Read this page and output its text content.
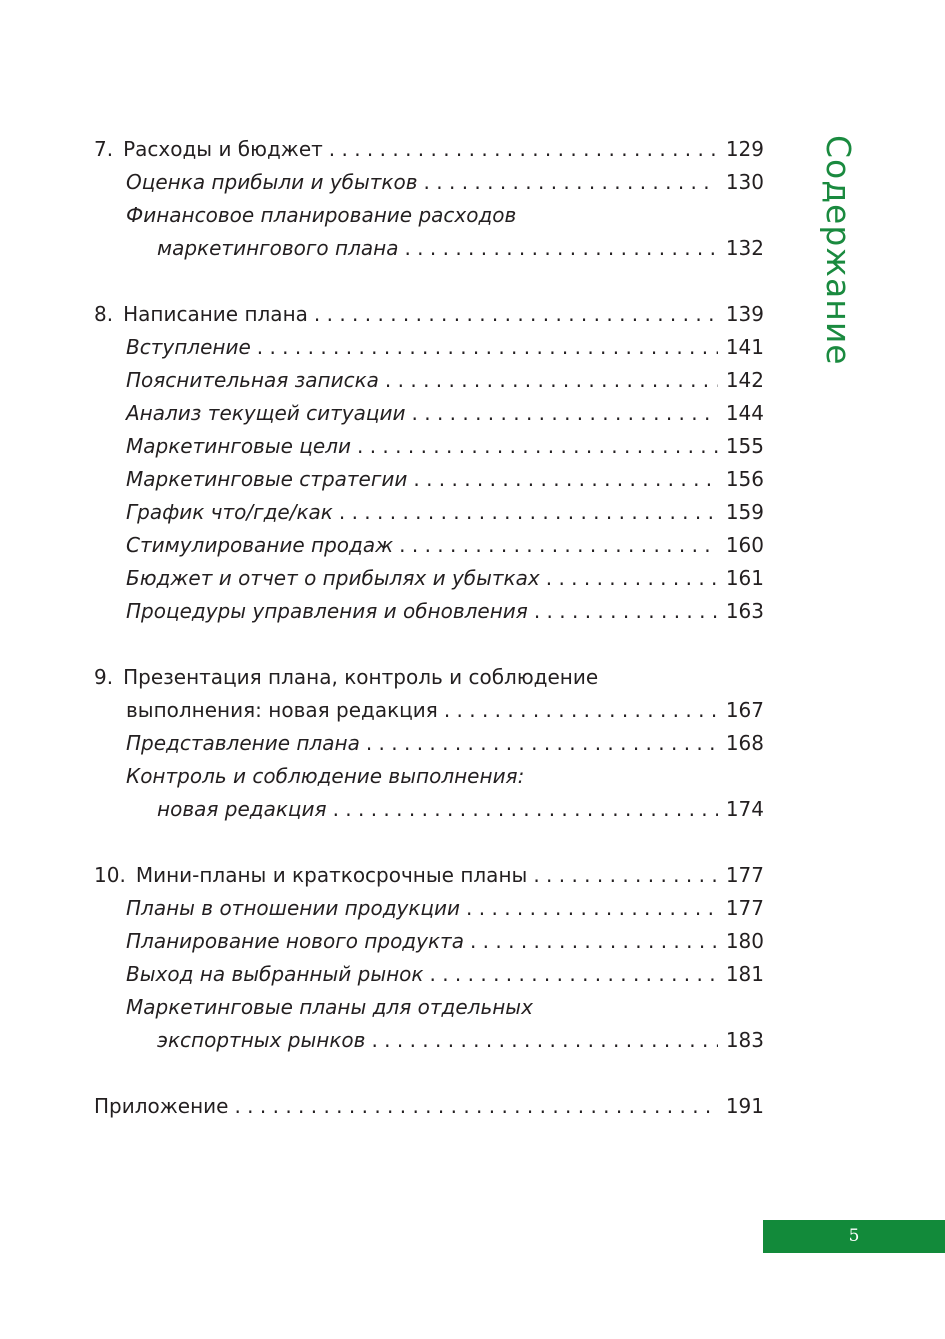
7. Расходы и бюджет . . .	129
Оценка прибыли и убытков . . .	130
Финансовое планирование расходов
маркетингового плана . . .	132
8. Написание плана . . .	139
Вступление . . .	141
Пояснительная записка . . .	142
Анализ текущей ситуации . . .	144
Маркетинговые цели . . .	155
Маркетинговые стратегии . . .	156
График что/где/как . . .	159
Стимулирование продаж . . .	160
Бюджет и отчет о прибылях и убытках . . .	161
Процедуры управления и обновления . . .	163
9. Презентация плана, контроль и соблюдение
выполнения: новая редакция . . .	167
Представление плана . . .	168
Контроль и соблюдение выполнения:
новая редакция . . .	174
10. Мини-планы и краткосрочные планы . . .	177
Планы в отношении продукции . . .	177
Планирование нового продукта . . .	180
Выход на выбранный рынок . . .	181
Маркетинговые планы для отдельных
экспортных рынков . . .	183
Приложение . . .	191
Содержание
5
